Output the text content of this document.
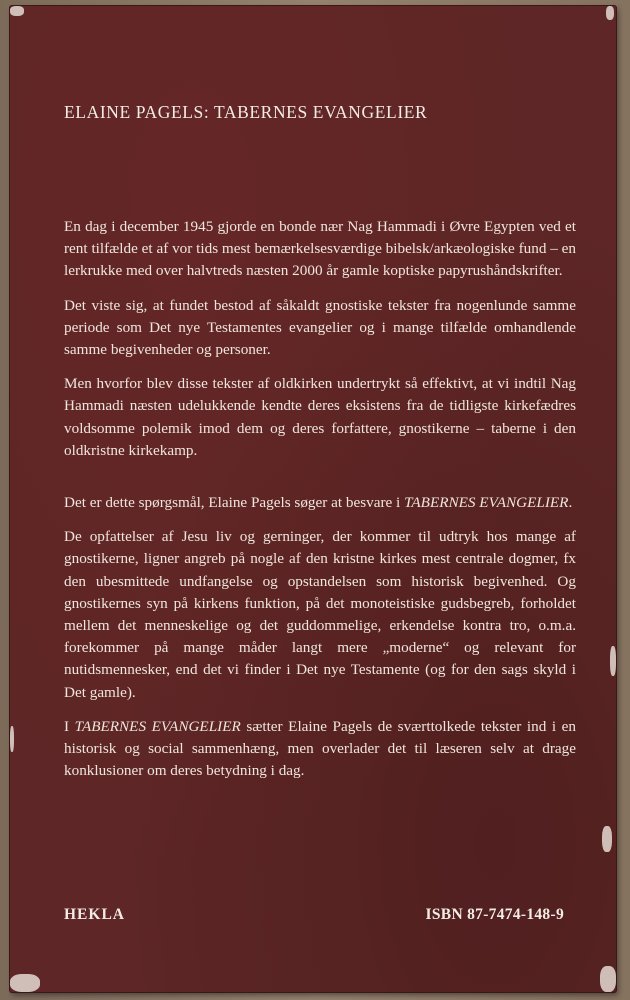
ELAINE PAGELS: TABERNES EVANGELIER

En dag i december 1945 gjorde en bonde nær Nag Hammadi i Øvre Egypten ved et rent tilfælde et af vor tids mest bemærkelsesværdige bibelsk/arkæologiske fund – en lerkrukke med over halvtreds næsten 2000 år gamle koptiske papyrushåndskrifter.

Det viste sig, at fundet bestod af såkaldt gnostiske tekster fra nogenlunde samme periode som Det nye Testamentes evangelier og i mange tilfælde omhandlende samme begivenheder og personer.

Men hvorfor blev disse tekster af oldkirken undertrykt så effektivt, at vi indtil Nag Hammadi næsten udelukkende kendte deres eksistens fra de tidligste kirkefædres voldsomme polemik imod dem og deres forfattere, gnostikerne – taberne i den oldkristne kirkekamp.

Det er dette spørgsmål, Elaine Pagels søger at besvare i TABERNES EVANGELIER.

De opfattelser af Jesu liv og gerninger, der kommer til udtryk hos mange af gnostikerne, ligner angreb på nogle af den kristne kirkes mest centrale dogmer, fx den ubesmittede undfangelse og opstandelsen som historisk begivenhed. Og gnostikernes syn på kirkens funktion, på det monoteistiske gudsbegreb, forholdet mellem det menneskelige og det guddommelige, erkendelse kontra tro, o.m.a. forekommer på mange måder langt mere „moderne“ og relevant for nutidsmennesker, end det vi finder i Det nye Testamente (og for den sags skyld i Det gamle).

I TABERNES EVANGELIER sætter Elaine Pagels de sværttolkede tekster ind i en historisk og social sammenhæng, men overlader det til læseren selv at drage konklusioner om deres betydning i dag.

HEKLA	ISBN 87-7474-148-9
